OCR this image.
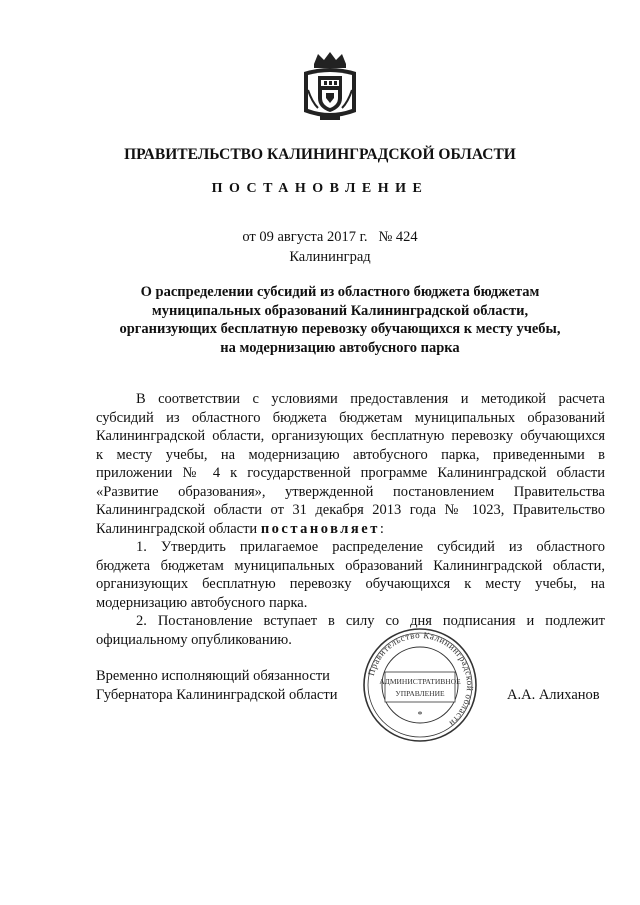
ПРАВИТЕЛЬСТВО КАЛИНИНГРАДСКОЙ ОБЛАСТИ
ПОСТАНОВЛЕНИЕ
от 09 августа 2017 г. № 424
Калининград
О распределении субсидий из областного бюджета бюджетам
муниципальных образований Калининградской области,
организующих бесплатную перевозку обучающихся к месту учебы,
на модернизацию автобусного парка
В соответствии с условиями предоставления и методикой расчета
субсидий из областного бюджета бюджетам муниципальных образований
Калининградской области, организующих бесплатную перевозку обучающихся
к месту учебы, на модернизацию автобусного парка, приведенными в
приложении № 4 к государственной программе Калининградской области
«Развитие образования», утвержденной постановлением Правительства
Калининградской области от 31 декабря 2013 года № 1023, Правительство
Калининградской области постановляет:
1. Утвердить прилагаемое распределение субсидий из областного
бюджета бюджетам муниципальных образований Калининградской области,
организующих бесплатную перевозку обучающихся к месту учебы, на
модернизацию автобусного парка.
2. Постановление вступает в силу со дня подписания и подлежит
официальному опубликованию.
Временно исполняющий обязанности
Губернатора Калининградской области	А.А. Алиханов
Правительство Калининградской области
АДМИНИСТРАТИВНОЕ
УПРАВЛЕНИЕ
*
